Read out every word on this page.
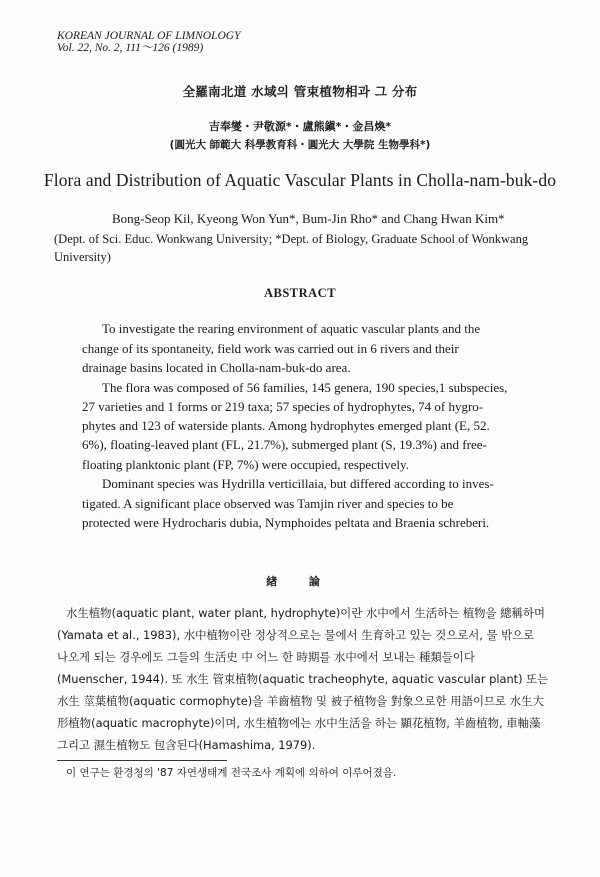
KOREAN JOURNAL OF LIMNOLOGY
Vol. 22, No. 2, 111～126 (1989)
全羅南北道 水域의 管束植物相과 그 分布
吉奉燮・尹敬源*・盧熊鎭*・金昌煥*
(圓光大 師範大 科學教育科・圓光大 大學院 生物學科*)
Flora and Distribution of Aquatic Vascular Plants in Cholla-nam-buk-do
Bong-Seop Kil, Kyeong Won Yun*, Bum-Jin Rho* and Chang Hwan Kim*
(Dept. of Sci. Educ. Wonkwang University; *Dept. of Biology, Graduate School of Wonkwang University)
ABSTRACT
To investigate the rearing environment of aquatic vascular plants and the
change of its spontaneity, field work was carried out in 6 rivers and their
drainage basins located in Cholla-nam-buk-do area.
The flora was composed of 56 families, 145 genera, 190 species,1 subspecies,
27 varieties and 1 forms or 219 taxa; 57 species of hydrophytes, 74 of hygro-
phytes and 123 of waterside plants. Among hydrophytes emerged plant (E, 52.
6%), floating-leaved plant (FL, 21.7%), submerged plant (S, 19.3%) and free-
floating planktonic plant (FP, 7%) were occupied, respectively.
Dominant species was Hydrilla verticillaia, but differed according to inves-
tigated. A significant place observed was Tamjin river and species to be
protected were Hydrocharis dubia, Nymphoides peltata and Braenia schreberi.
緖 論
水生植物(aquatic plant, water plant, hydrophyte)이란 水中에서 生活하는 植物을 總稱하며
(Yamata et al., 1983), 水中植物이란 정상적으로는 물에서 生育하고 있는 것으로서, 물 밖으로
나오게 되는 경우에도 그들의 生活史 中 어느 한 時期를 水中에서 보내는 種類들이다
(Muenscher, 1944). 또 水生 管束植物(aquatic tracheophyte, aquatic vascular plant) 또는
水生 莖葉植物(aquatic cormophyte)을 羊齒植物 및 被子植物을 對象으로한 用語이므로 水生大
形植物(aquatic macrophyte)이며, 水生植物에는 水中生活을 하는 顯花植物, 羊齒植物, 車軸藻
그리고 濕生植物도 包含된다(Hamashima, 1979).
이 연구는 환경청의 '87 자연생태계 전국조사 계획에 의하여 이루어졌음.
